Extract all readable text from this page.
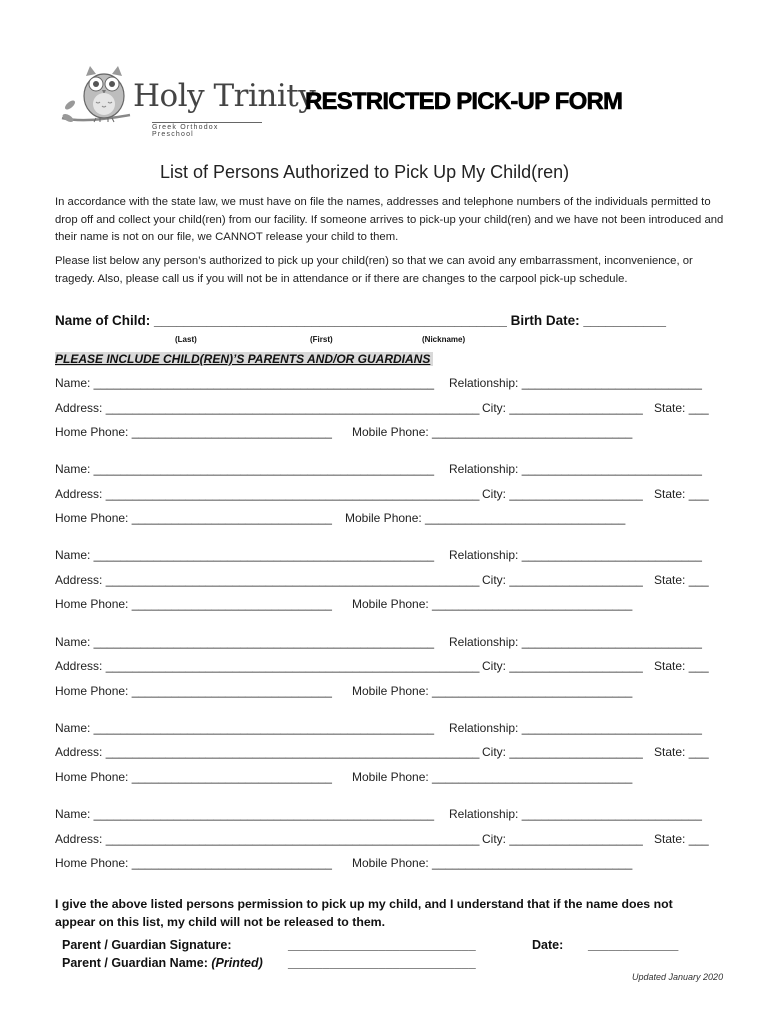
Holy Trinity
Greek Orthodox Preschool
RESTRICTED PICK-UP FORM
List of Persons Authorized to Pick Up My Child(ren)
In accordance with the state law, we must have on file the names, addresses and telephone numbers of the individuals permitted to drop off and collect your child(ren) from our facility. If someone arrives to pick-up your child(ren) and we have not been introduced and their name is not on our file, we CANNOT release your child to them.
Please list below any person’s authorized to pick up your child(ren) so that we can avoid any embarrassment, inconvenience, or tragedy. Also, please call us if you will not be in attendance or if there are changes to the carpool pick-up schedule.
Name of Child: _______________________________________________ Birth Date: ___________
(Last)	(First)	(Nickname)
PLEASE INCLUDE CHILD(REN)’S PARENTS AND/OR GUARDIANS
Name: ___________________________________________________ Relationship: ___________________________
Address: ________________________________________________________ City: ____________________ State: ___
Home Phone: ______________________________ Mobile Phone: ______________________________
Name: ___________________________________________________ Relationship: ___________________________
Address: ________________________________________________________ City: ____________________ State: ___
Home Phone: ______________________________ Mobile Phone: ______________________________
Name: ___________________________________________________ Relationship: ___________________________
Address: ________________________________________________________ City: ____________________ State: ___
Home Phone: ______________________________ Mobile Phone: ______________________________
Name: ___________________________________________________ Relationship: ___________________________
Address: ________________________________________________________ City: ____________________ State: ___
Home Phone: ______________________________ Mobile Phone: ______________________________
Name: ___________________________________________________ Relationship: ___________________________
Address: ________________________________________________________ City: ____________________ State: ___
Home Phone: ______________________________ Mobile Phone: ______________________________
Name: ___________________________________________________ Relationship: ___________________________
Address: ________________________________________________________ City: ____________________ State: ___
Home Phone: ______________________________ Mobile Phone: ______________________________
I give the above listed persons permission to pick up my child, and I understand that if the name does not appear on this list, my child will not be released to them.
Parent / Guardian Signature:
Parent / Guardian Name: (Printed)
___________________________
___________________________
Date: _____________
Updated January 2020
